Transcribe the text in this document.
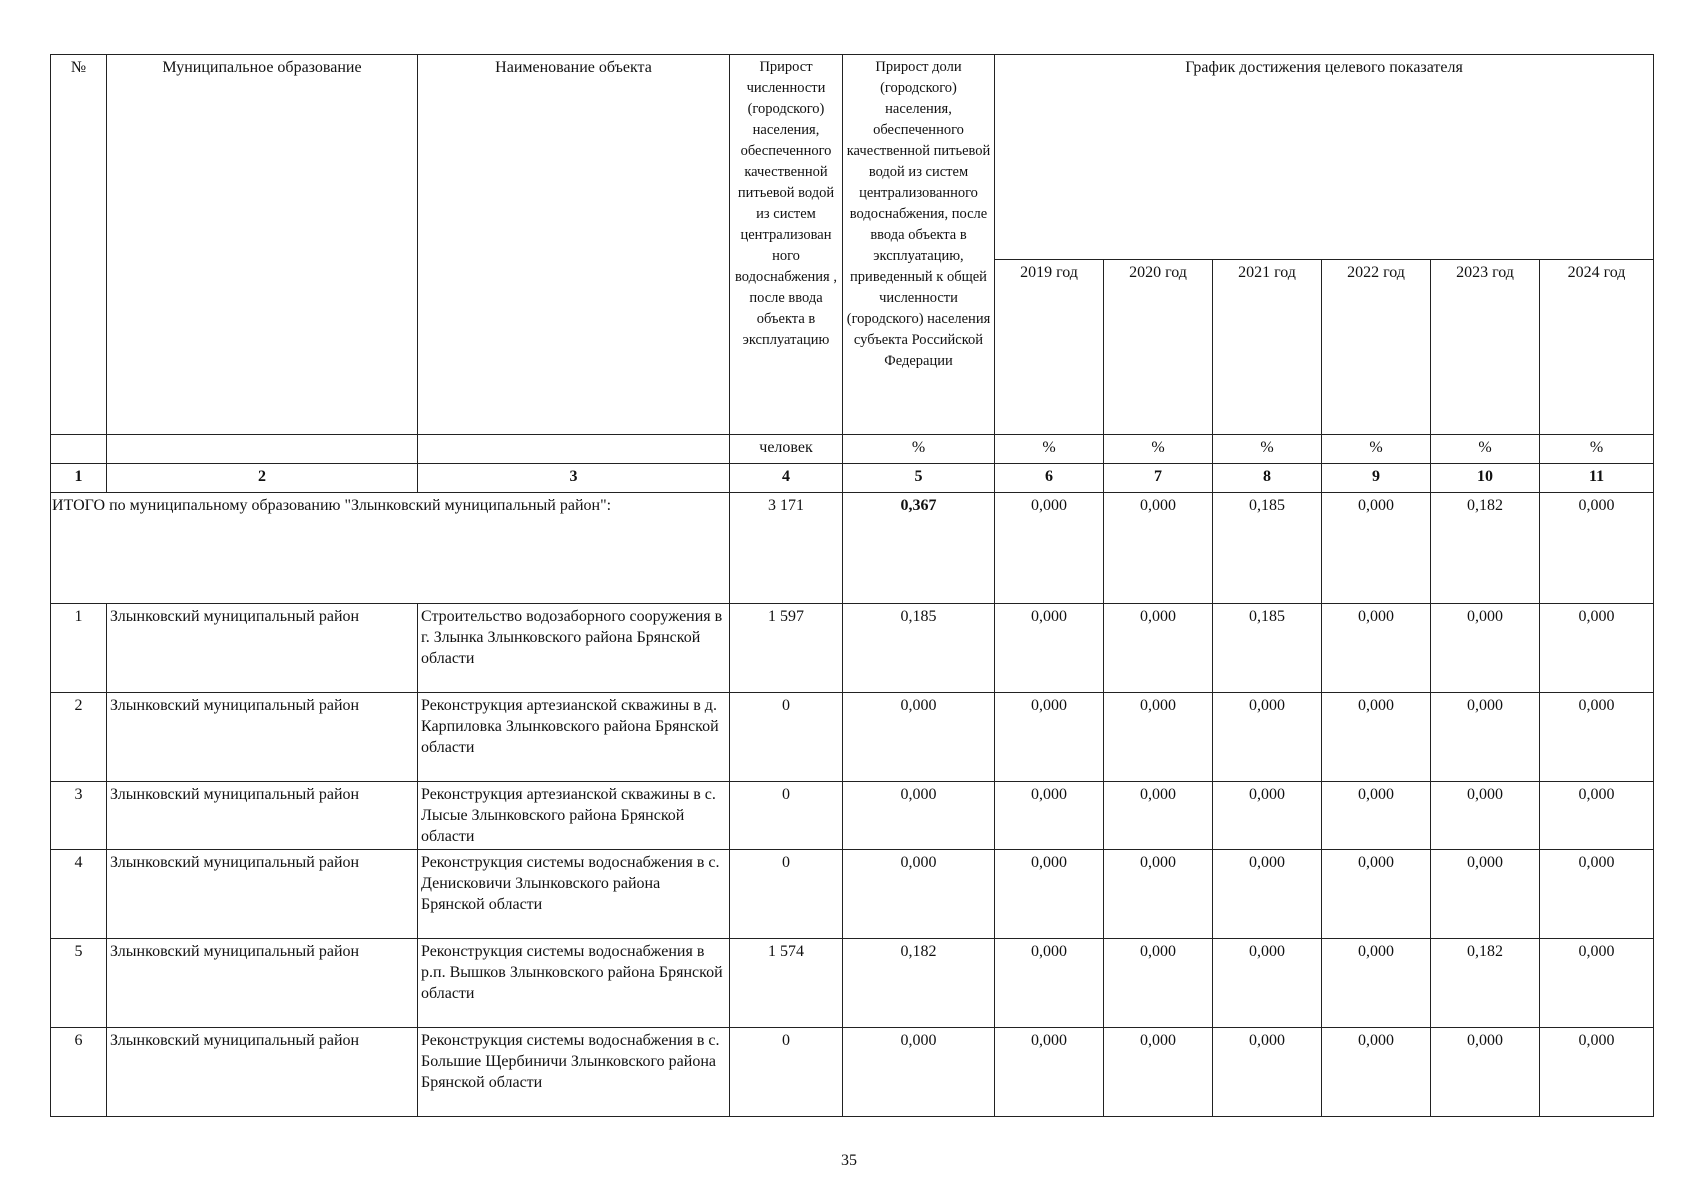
№	Муниципальное образование	Наименование объекта	Прирост численности (городского) населения, обеспеченного качественной питьевой водой из систем централизован ного водоснабжения , после ввода объекта в эксплуатацию	Прирост доли (городского) населения, обеспеченного качественной питьевой водой из систем централизованного водоснабжения, после ввода объекта в эксплуатацию, приведенный к общей численности (городского) населения субъекта Российской Федерации	График достижения целевого показателя					
					2019 год	2020 год	2021 год	2022 год	2023 год	2024 год
			человек	%	%	%	%	%	%	%
1	2	3	4	5	6	7	8	9	10	11
ИТОГО по муниципальному образованию "Злынковский муниципальный район":			3 171	0,367	0,000	0,000	0,185	0,000	0,182	0,000
1	Злынковский муниципальный район	Строительство водозаборного сооружения в г. Злынка Злынковского района Брянской области	1 597	0,185	0,000	0,000	0,185	0,000	0,000	0,000
2	Злынковский муниципальный район	Реконструкция артезианской скважины в д. Карпиловка Злынковского района Брянской области	0	0,000	0,000	0,000	0,000	0,000	0,000	0,000
3	Злынковский муниципальный район	Реконструкция артезианской скважины в с. Лысые Злынковского района Брянской области	0	0,000	0,000	0,000	0,000	0,000	0,000	0,000
4	Злынковский муниципальный район	Реконструкция системы водоснабжения в с. Денисковичи Злынковского района Брянской области	0	0,000	0,000	0,000	0,000	0,000	0,000	0,000
5	Злынковский муниципальный район	Реконструкция системы водоснабжения в р.п. Вышков Злынковского района Брянской области	1 574	0,182	0,000	0,000	0,000	0,000	0,182	0,000
6	Злынковский муниципальный район	Реконструкция системы водоснабжения в с. Большие Щербиничи Злынковского района Брянской области	0	0,000	0,000	0,000	0,000	0,000	0,000	0,000
35
